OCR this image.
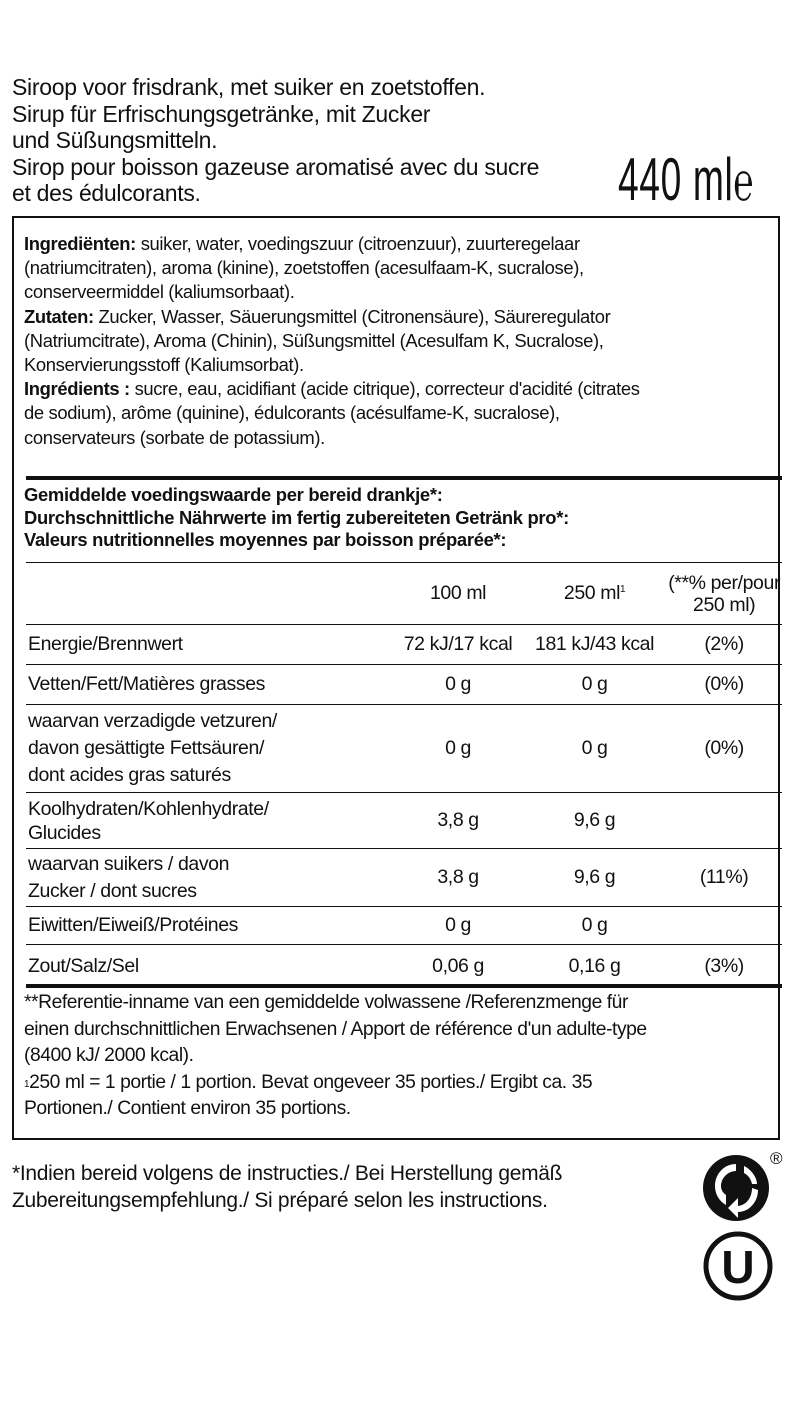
Siroop voor frisdrank, met suiker en zoetstoffen.
Sirup für Erfrischungsgetränke, mit Zucker
und Süßungsmitteln.
Sirop pour boisson gazeuse aromatisé avec du sucre
et des édulcorants.	440 ml℮
Ingrediënten: suiker, water, voedingszuur (citroenzuur), zuurteregelaar
(natriumcitraten), aroma (kinine), zoetstoffen (acesulfaam-K, sucralose),
conserveermiddel (kaliumsorbaat).
Zutaten: Zucker, Wasser, Säuerungsmittel (Citronensäure), Säureregulator
(Natriumcitrate), Aroma (Chinin), Süßungsmittel (Acesulfam K, Sucralose),
Konservierungsstoff (Kaliumsorbat).
Ingrédients : sucre, eau, acidifiant (acide citrique), correcteur d'acidité (citrates
de sodium), arôme (quinine), édulcorants (acésulfame-K, sucralose),
conservateurs (sorbate de potassium).
Gemiddelde voedingswaarde per bereid drankje*:
Durchschnittliche Nährwerte im fertig zubereiteten Getränk pro*:
Valeurs nutritionnelles moyennes par boisson préparée*:
	100 ml	250 $ml^1$	(**% per/pour
250 ml)

Energie/Brennwert	72 kJ/17 kcal	181 kJ/43 kcal	(2%)
Vetten/Fett/Matières grasses	0 g	0 g	(0%)

waarvan verzadigde vetzuren/
davon gesättigte Fettsäuren/
dont acides gras saturés	0 g	0 g	(0%)

Koolhydraten/Kohlenhydrate/
Glucides	3,8 g	9,6 g	

waarvan suikers / davon
Zucker / dont sucres	3,8 g	9,6 g	(11%)
Eiwitten/Eiweiß/Protéines	0 g	0 g	
Zout/Salz/Sel	0,06 g	0,16 g	(3%)
**Referentie-inname van een gemiddelde volwassene /Referenzmenge für
einen durchschnittlichen Erwachsenen / Apport de référence d'un adulte-type
(8400 kJ/ 2000 kcal).
$^1$250 ml = 1 portie / 1 portion. Bevat ongeveer 35 porties./ Ergibt ca. 35
Portionen./ Contient environ 35 portions.
*Indien bereid volgens de instructies./ Bei Herstellung gemäß
Zubereitungsempfehlung./ Si préparé selon les instructions.
®
U
